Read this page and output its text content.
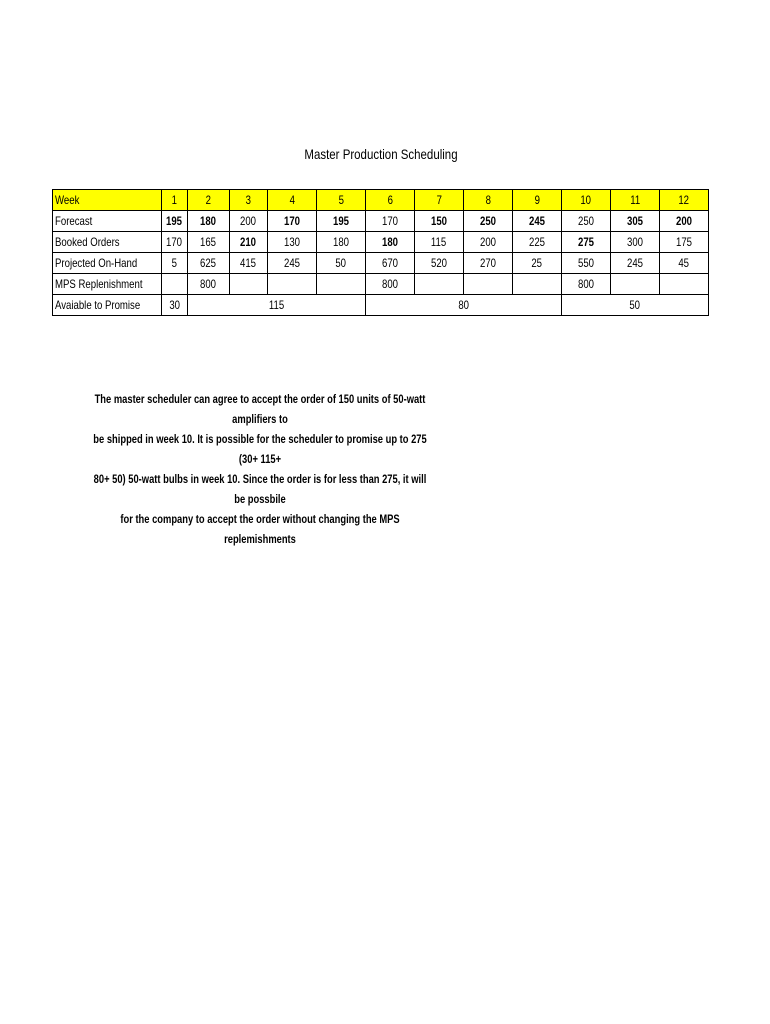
Master Production Scheduling
Week	1	2	3	4	5	6	7	8	9	10	11	12
Forecast	195	180	200	170	195	170	150	250	245	250	305	200
Booked Orders	170	165	210	130	180	180	115	200	225	275	300	175
Projected On-Hand	5	625	415	245	50	670	520	270	25	550	245	45
MPS Replenishment		800				800				800		
Avaiable to Promise	30	115				80				50		
The master scheduler can agree to accept the order of 150 units of 50-watt amplifiers to
be shipped in week 10. It is possible for the scheduler to promise up to 275 (30+ 115+
80+ 50) 50-watt bulbs in week 10. Since the order is for less than 275, it will be possbile
for the company to accept the order without changing the MPS replemishments
